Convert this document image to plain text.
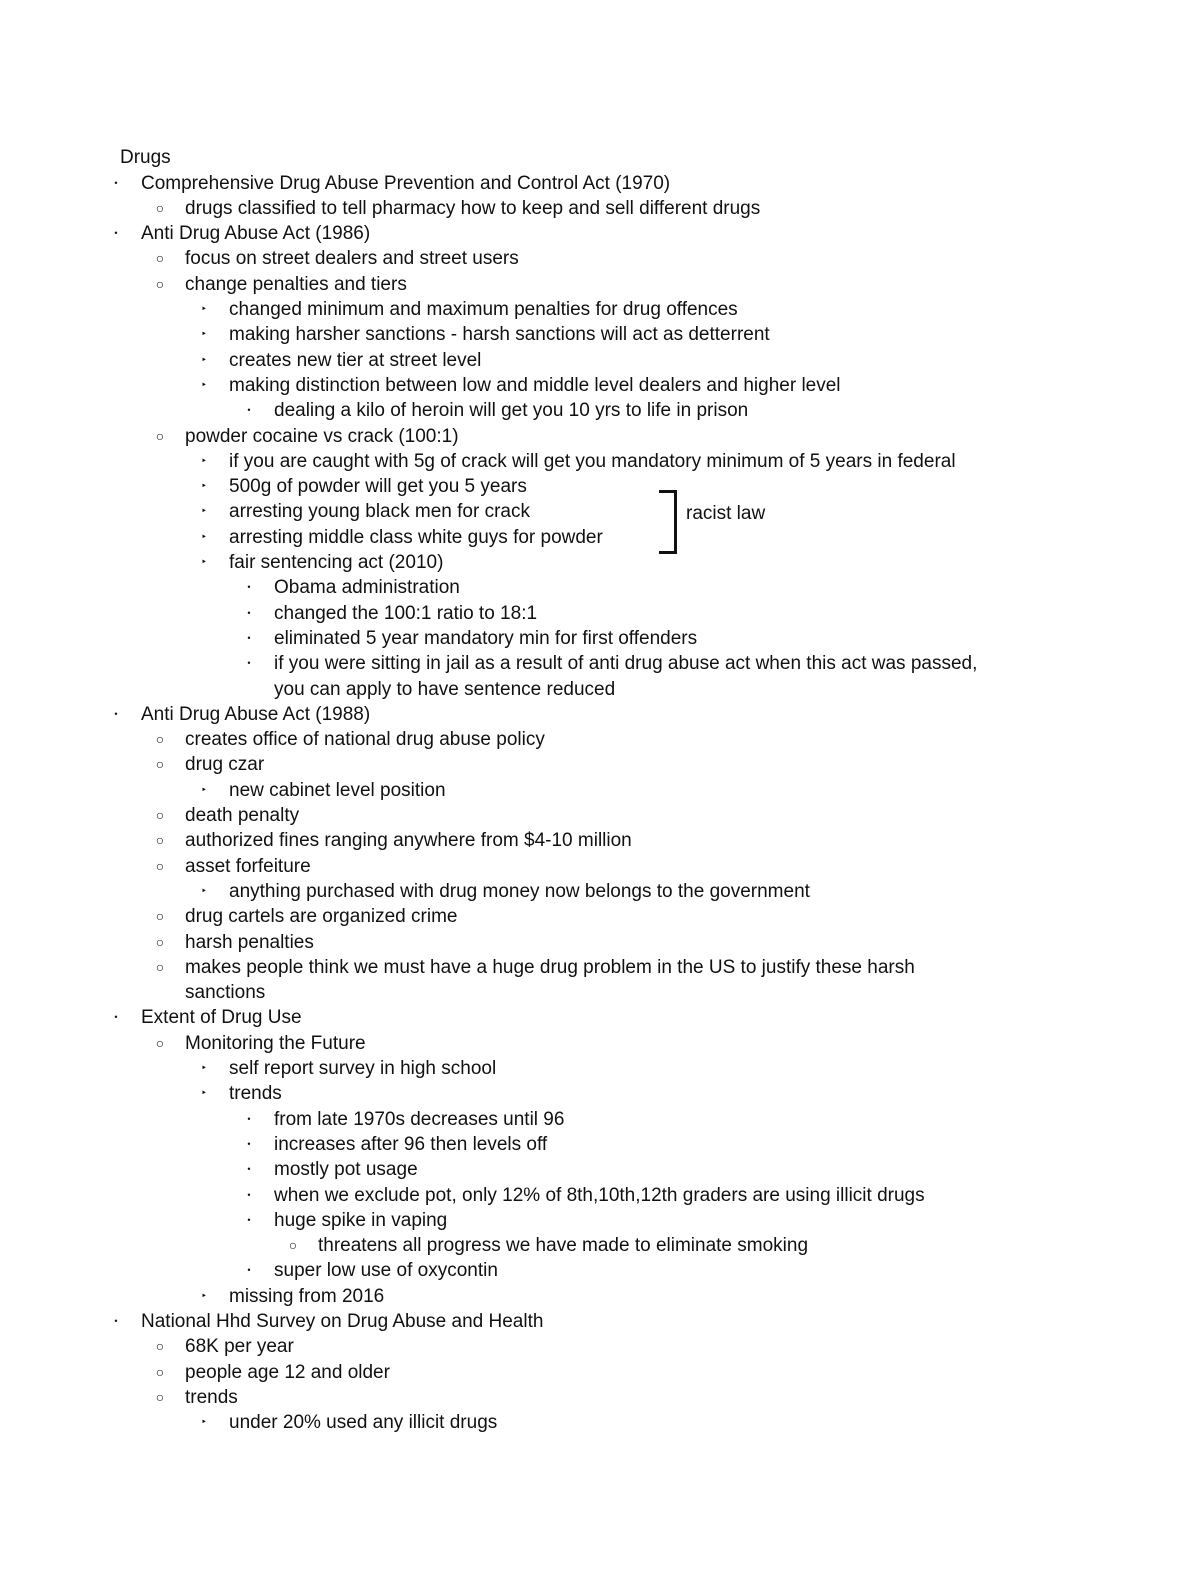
Drugs
• Comprehensive Drug Abuse Prevention and Control Act (1970)
○ drugs classified to tell pharmacy how to keep and sell different drugs
• Anti Drug Abuse Act (1986)
○ focus on street dealers and street users
○ change penalties and tiers
‣ changed minimum and maximum penalties for drug offences
‣ making harsher sanctions - harsh sanctions will act as detterrent
‣ creates new tier at street level
‣ making distinction between low and middle level dealers and higher level
• dealing a kilo of heroin will get you 10 yrs to life in prison
○ powder cocaine vs crack (100:1)
‣ if you are caught with 5g of crack will get you mandatory minimum of 5 years in federal
‣ 500g of powder will get you 5 years
‣ arresting young black men for crack
‣ arresting middle class white guys for powder
‣ fair sentencing act (2010)
• Obama administration
• changed the 100:1 ratio to 18:1
• eliminated 5 year mandatory min for first offenders
• if you were sitting in jail as a result of anti drug abuse act when this act was passed,
you can apply to have sentence reduced
• Anti Drug Abuse Act (1988)
○ creates office of national drug abuse policy
○ drug czar
‣ new cabinet level position
○ death penalty
○ authorized fines ranging anywhere from $4-10 million
○ asset forfeiture
‣ anything purchased with drug money now belongs to the government
○ drug cartels are organized crime
○ harsh penalties
○ makes people think we must have a huge drug problem in the US to justify these harsh
sanctions
• Extent of Drug Use
○ Monitoring the Future
‣ self report survey in high school
‣ trends
• from late 1970s decreases until 96
• increases after 96 then levels off
• mostly pot usage
• when we exclude pot, only 12% of 8th,10th,12th graders are using illicit drugs
• huge spike in vaping
○ threatens all progress we have made to eliminate smoking
• super low use of oxycontin
‣ missing from 2016
• National Hhd Survey on Drug Abuse and Health
○ 68K per year
○ people age 12 and older
○ trends
‣ under 20% used any illicit drugs
racist law
